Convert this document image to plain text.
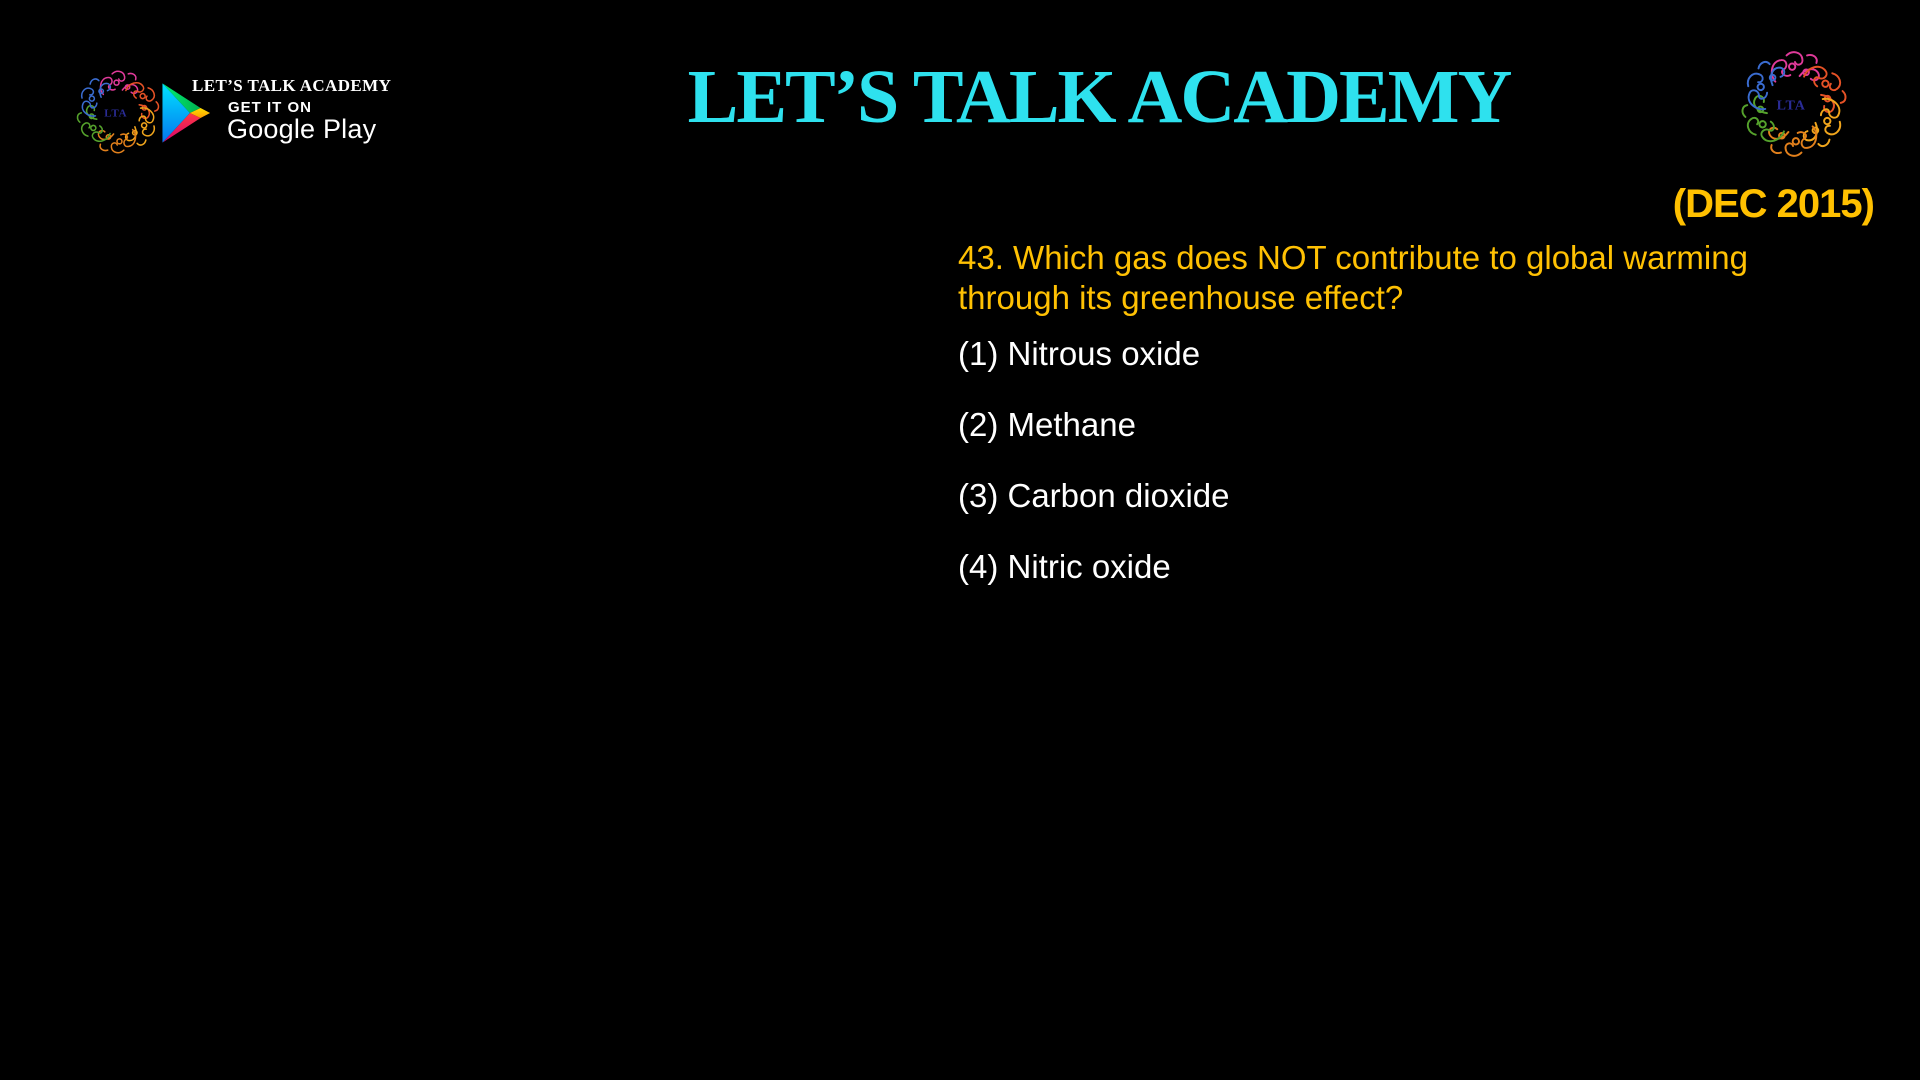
LET’S TALK ACADEMY
GET IT ON
Google Play	LET’S TALK ACADEMY
(DEC 2015)
43. Which gas does NOT contribute to global warming through its greenhouse effect?
(1) Nitrous oxide
(2) Methane
(3) Carbon dioxide
(4) Nitric oxide
